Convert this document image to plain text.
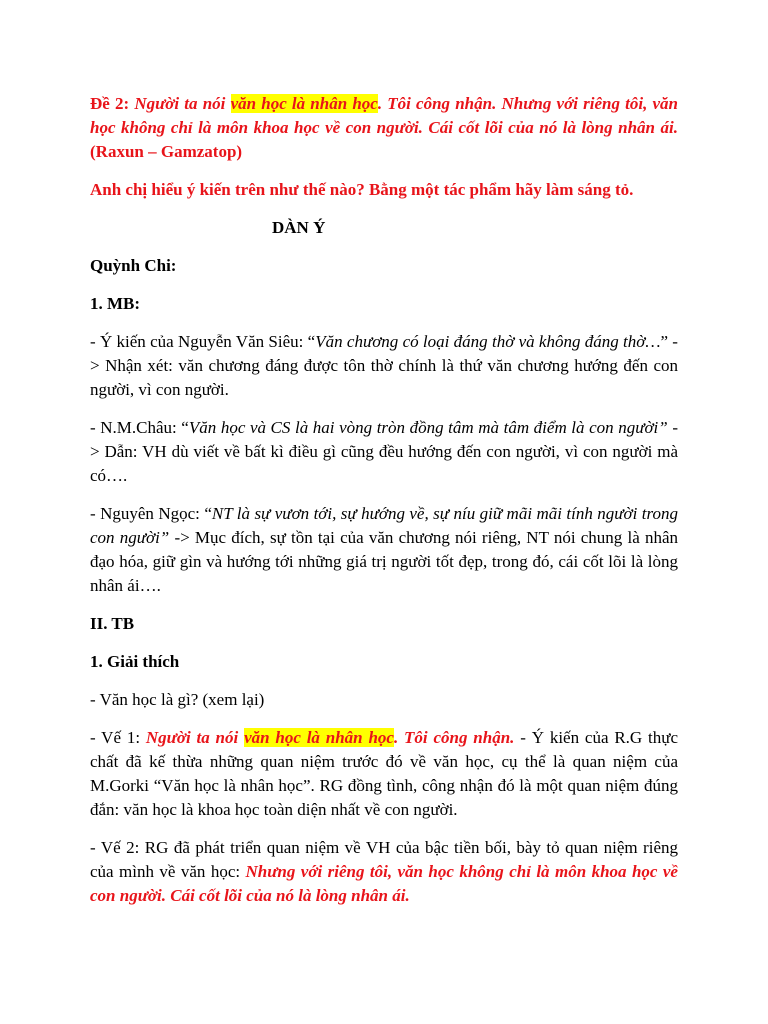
Đề 2: Người ta nói văn học là nhân học. Tôi công nhận. Nhưng với riêng tôi, văn học không chỉ là môn khoa học về con người. Cái cốt lõi của nó là lòng nhân ái. (Raxun – Gamzatop)

Anh chị hiểu ý kiến trên như thế nào? Bằng một tác phẩm hãy làm sáng tỏ.

DÀN Ý

Quỳnh Chi:

1. MB:

- Ý kiến của Nguyễn Văn Siêu: “Văn chương có loại đáng thờ và không đáng thờ…” -> Nhận xét: văn chương đáng được tôn thờ chính là thứ văn chương hướng đến con người, vì con người.

- N.M.Châu: “Văn học và CS là hai vòng tròn đồng tâm mà tâm điểm là con người” -> Dẫn: VH dù viết về bất kì điều gì cũng đều hướng đến con người, vì con người mà có….

- Nguyên Ngọc: “NT là sự vươn tới, sự hướng về, sự níu giữ mãi mãi tính người trong con người” -> Mục đích, sự tồn tại của văn chương nói riêng, NT nói chung là nhân đạo hóa, giữ gìn và hướng tới những giá trị người tốt đẹp, trong đó, cái cốt lõi là lòng nhân ái….

II. TB

1. Giải thích

- Văn học là gì? (xem lại)

- Vế 1: Người ta nói văn học là nhân học. Tôi công nhận. - Ý kiến của R.G thực chất đã kế thừa những quan niệm trước đó về văn học, cụ thể là quan niệm của M.Gorki “Văn học là nhân học”. RG đồng tình, công nhận đó là một quan niệm đúng đắn: văn học là khoa học toàn diện nhất về con người.

- Vế 2: RG đã phát triển quan niệm về VH của bậc tiền bối, bày tỏ quan niệm riêng của mình về văn học: Nhưng với riêng tôi, văn học không chỉ là môn khoa học về con người. Cái cốt lõi của nó là lòng nhân ái.
